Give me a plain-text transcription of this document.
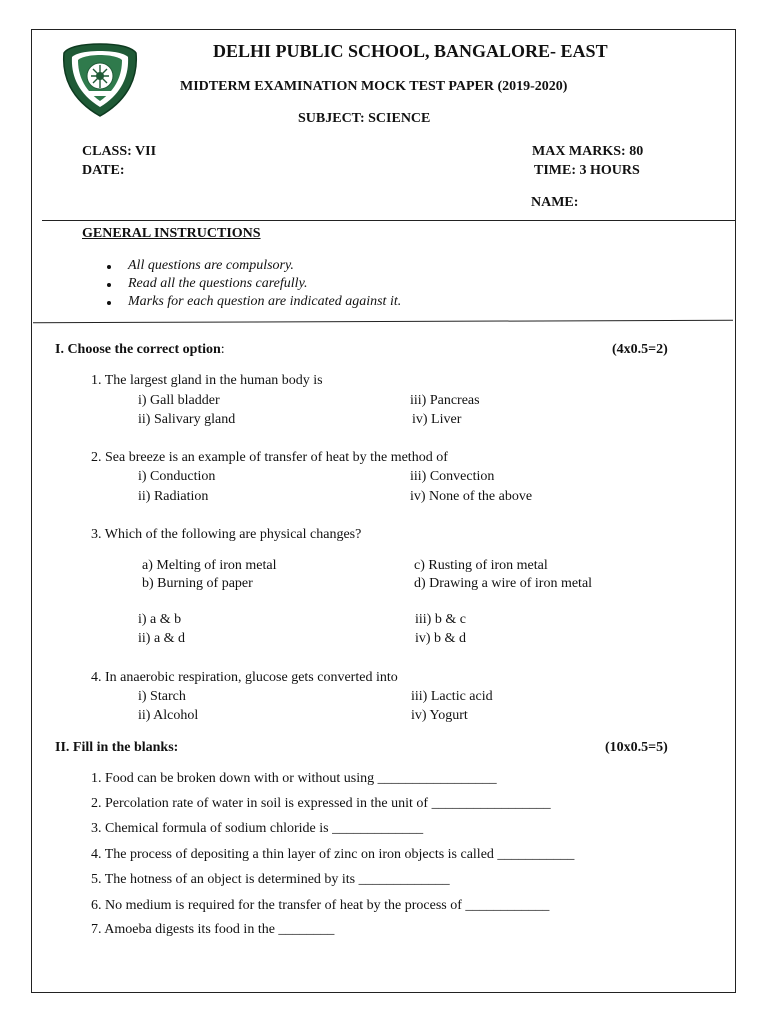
DELHI PUBLIC SCHOOL, BANGALORE- EAST
MIDTERM EXAMINATION MOCK TEST PAPER (2019-2020)
SUBJECT: SCIENCE
CLASS: VII
DATE:
MAX MARKS: 80
TIME: 3 HOURS
NAME:
GENERAL INSTRUCTIONS
All questions are compulsory.
Read all the questions carefully.
Marks for each question are indicated against it.
I. Choose the correct option:	(4x0.5=2)
1. The largest gland in the human body is
i) Gall bladder
ii) Salivary gland
iii) Pancreas
iv) Liver
2. Sea breeze is an example of transfer of heat by the method of
i) Conduction
ii) Radiation
iii) Convection
iv) None of the above
3. Which of the following are physical changes?
a) Melting of iron metal
b) Burning of paper
c) Rusting of iron metal
d) Drawing a wire of iron metal
i) a & b
ii) a & d
iii) b & c
iv) b & d
4. In anaerobic respiration, glucose gets converted into
i) Starch
ii) Alcohol
iii) Lactic acid
iv) Yogurt
II. Fill in the blanks:	(10x0.5=5)
1. Food can be broken down with or without using _________________
2. Percolation rate of water in soil is expressed in the unit of _________________
3. Chemical formula of sodium chloride is _____________
4. The process of depositing a thin layer of zinc on iron objects is called ___________
5. The hotness of an object is determined by its _____________
6. No medium is required for the transfer of heat by the process of ____________
7. Amoeba digests its food in the ________
